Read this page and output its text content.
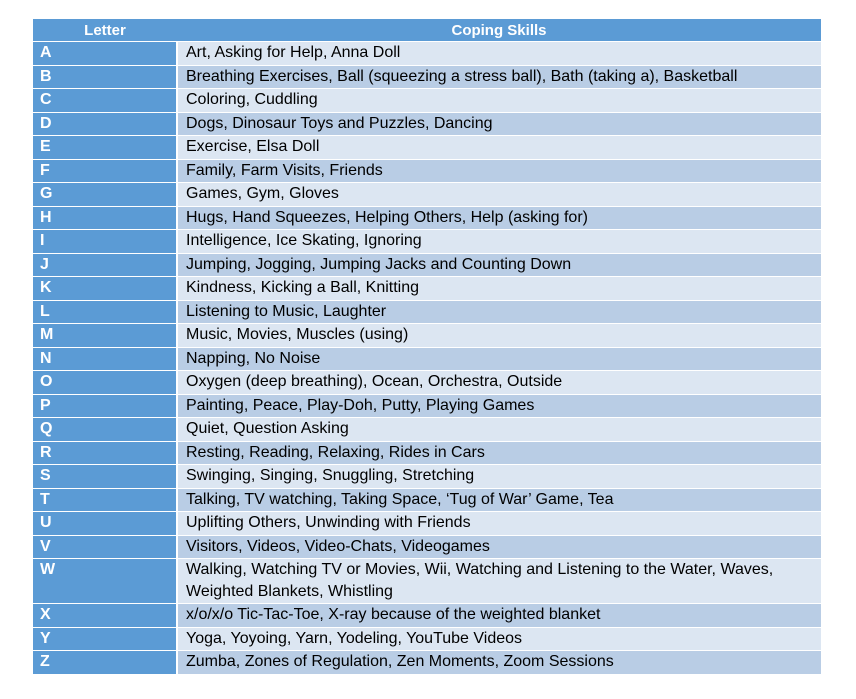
Letter	Coping Skills
A	Art, Asking for Help, Anna Doll
B	Breathing Exercises, Ball (squeezing a stress ball), Bath (taking a), Basketball
C	Coloring, Cuddling
D	Dogs, Dinosaur Toys and Puzzles, Dancing
E	Exercise, Elsa Doll
F	Family, Farm Visits, Friends
G	Games, Gym, Gloves
H	Hugs, Hand Squeezes, Helping Others, Help (asking for)
I	Intelligence, Ice Skating, Ignoring
J	Jumping, Jogging, Jumping Jacks and Counting Down
K	Kindness, Kicking a Ball, Knitting
L	Listening to Music, Laughter
M	Music, Movies, Muscles (using)
N	Napping, No Noise
O	Oxygen (deep breathing), Ocean, Orchestra, Outside
P	Painting, Peace, Play-Doh, Putty, Playing Games
Q	Quiet, Question Asking
R	Resting, Reading, Relaxing, Rides in Cars
S	Swinging, Singing, Snuggling, Stretching
T	Talking, TV watching, Taking Space, ‘Tug of War’ Game, Tea
U	Uplifting Others, Unwinding with Friends
V	Visitors, Videos, Video-Chats, Videogames
W	Walking, Watching TV or Movies, Wii, Watching and Listening to the Water, Waves, Weighted Blankets, Whistling
X	x/o/x/o Tic-Tac-Toe, X-ray because of the weighted blanket
Y	Yoga, Yoyoing, Yarn, Yodeling, YouTube Videos
Z	Zumba, Zones of Regulation, Zen Moments, Zoom Sessions
